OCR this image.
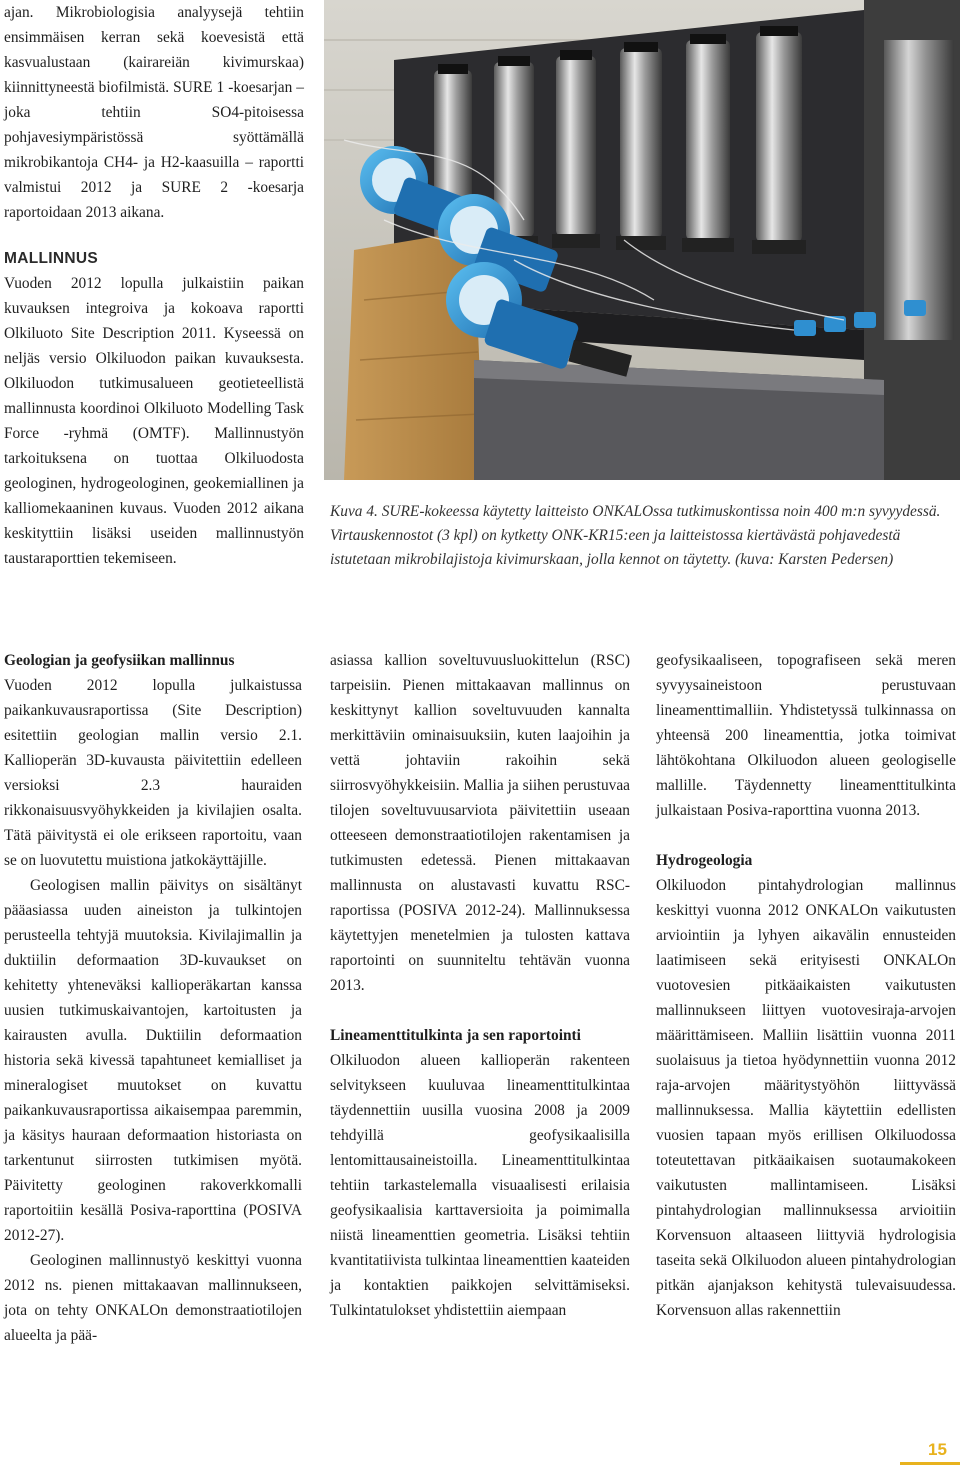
ajan. Mikrobiologisia analyysejä tehtiin ensimmäisen kerran sekä koevesistä että kasvualustaan (kairareiän kivimurskaa) kiinnittyneestä biofilmistä. SURE 1 -koesarjan – joka tehtiin SO4-pitoisessa pohjavesiympäristössä syöttämällä mikrobikantoja CH4- ja H2-kaasuilla – raportti valmistui 2012 ja SURE 2 -koesarja raportoidaan 2013 aikana.

MALLINNUS

Vuoden 2012 lopulla julkaistiin paikan kuvauksen integroiva ja kokoava raportti Olkiluoto Site Description 2011. Kyseessä on neljäs versio Olkiluodon paikan kuvauksesta. Olkiluodon tutkimusalueen geotieteellistä mallinnusta koordinoi Olkiluoto Modelling Task Force -ryhmä (OMTF). Mallinnustyön tarkoituksena on tuottaa Olkiluodosta geologinen, hydrogeologinen, geokemiallinen ja kalliomekaaninen kuvaus. Vuoden 2012 aikana keskityttiin lisäksi useiden mallinnustyön taustaraporttien tekemiseen.

Kuva 4. SURE-kokeessa käytetty laitteisto ONKALOssa tutkimuskontissa noin 400 m:n syvyydessä. Virtauskennostot (3 kpl) on kytketty ONK-KR15:een ja laitteistossa kiertävästä pohjavedestä istutetaan mikrobilajistoja kivimurskaan, jolla kennot on täytetty. (kuva: Karsten Pedersen)
Geologian ja geofysiikan mallinnus

Vuoden 2012 lopulla julkaistussa paikankuvausraportissa (Site Description) esitettiin geologian mallin versio 2.1. Kallioperän 3D-kuvausta päivitettiin edelleen versioksi 2.3 hauraiden rikkonaisuusvyöhykkeiden ja kivilajien osalta. Tätä päivitystä ei ole erikseen raportoitu, vaan se on luovutettu muistiona jatkokäyttäjille.

Geologisen mallin päivitys on sisältänyt pääasiassa uuden aineiston ja tulkintojen perusteella tehtyjä muutoksia. Kivilajimallin ja duktiilin deformaation 3D-kuvaukset on kehitetty yhteneväksi kallioperäkartan kanssa uusien tutkimuskaivantojen, kartoitusten ja kairausten avulla. Duktiilin deformaation historia sekä kivessä tapahtuneet kemialliset ja mineralogiset muutokset on kuvattu paikankuvausraportissa aikaisempaa paremmin, ja käsitys hauraan deformaation historiasta on tarkentunut siirrosten tutkimisen myötä. Päivitetty geologinen rakoverkkomalli raportoitiin kesällä Posiva-raporttina (POSIVA 2012-27).

Geologinen mallinnustyö keskittyi vuonna 2012 ns. pienen mittakaavan mallinnukseen, jota on tehty ONKALOn demonstraatiotilojen alueelta ja pää-

asiassa kallion soveltuvuusluokittelun (RSC) tarpeisiin. Pienen mittakaavan mallinnus on keskittynyt kallion soveltuvuuden kannalta merkittäviin ominaisuuksiin, kuten laajoihin ja vettä johtaviin rakoihin sekä siirrosvyöhykkeisiin. Mallia ja siihen perustuvaa tilojen soveltuvuusarviota päivitettiin useaan otteeseen demonstraatiotilojen rakentamisen ja tutkimusten edetessä. Pienen mittakaavan mallinnusta on alustavasti kuvattu RSC-raportissa (POSIVA 2012-24). Mallinnuksessa käytettyjen menetelmien ja tulosten kattava raportointi on suunniteltu tehtävän vuonna 2013.

Lineamenttitulkinta ja sen raportointi

Olkiluodon alueen kallioperän rakenteen selvitykseen kuuluvaa lineamenttitulkintaa täydennettiin uusilla vuosina 2008 ja 2009 tehdyillä geofysikaalisilla lentomittausaineistoilla. Lineamenttitulkintaa tehtiin tarkastelemalla visuaalisesti erilaisia geofysikaalisia karttaversioita ja poimimalla niistä lineamenttien geometria. Lisäksi tehtiin kvantitatiivista tulkintaa lineamenttien kaateiden ja kontaktien paikkojen selvittämiseksi. Tulkintatulokset yhdistettiin aiempaan

geofysikaaliseen, topografiseen sekä meren syvyysaineistoon perustuvaan lineamenttimalliin. Yhdistetyssä tulkinnassa on yhteensä 200 lineamenttia, jotka toimivat lähtökohtana Olkiluodon alueen geologiselle mallille. Täydennetty lineamenttitulkinta julkaistaan Posiva-raporttina vuonna 2013.

Hydrogeologia

Olkiluodon pintahydrologian mallinnus keskittyi vuonna 2012 ONKALOn vaikutusten arviointiin ja lyhyen aikavälin ennusteiden laatimiseen sekä erityisesti ONKALOn vuotovesien pitkäaikaisten vaikutusten mallinnukseen liittyen vuotovesiraja-arvojen määrittämiseen. Malliin lisättiin vuonna 2011 suolaisuus ja tietoa hyödynnettiin vuonna 2012 raja-arvojen määritystyöhön liittyvässä mallinnuksessa. Mallia käytettiin edellisten vuosien tapaan myös erillisen Olkiluodossa toteutettavan pitkäaikaisen suotaumakokeen vaikutusten mallintamiseen. Lisäksi pintahydrologian mallinnuksessa arvioitiin Korvensuon altaaseen liittyviä hydrologisia taseita sekä Olkiluodon alueen pintahydrologian pitkän ajanjakson kehitystä tulevaisuudessa. Korvensuon allas rakennettiin

15
